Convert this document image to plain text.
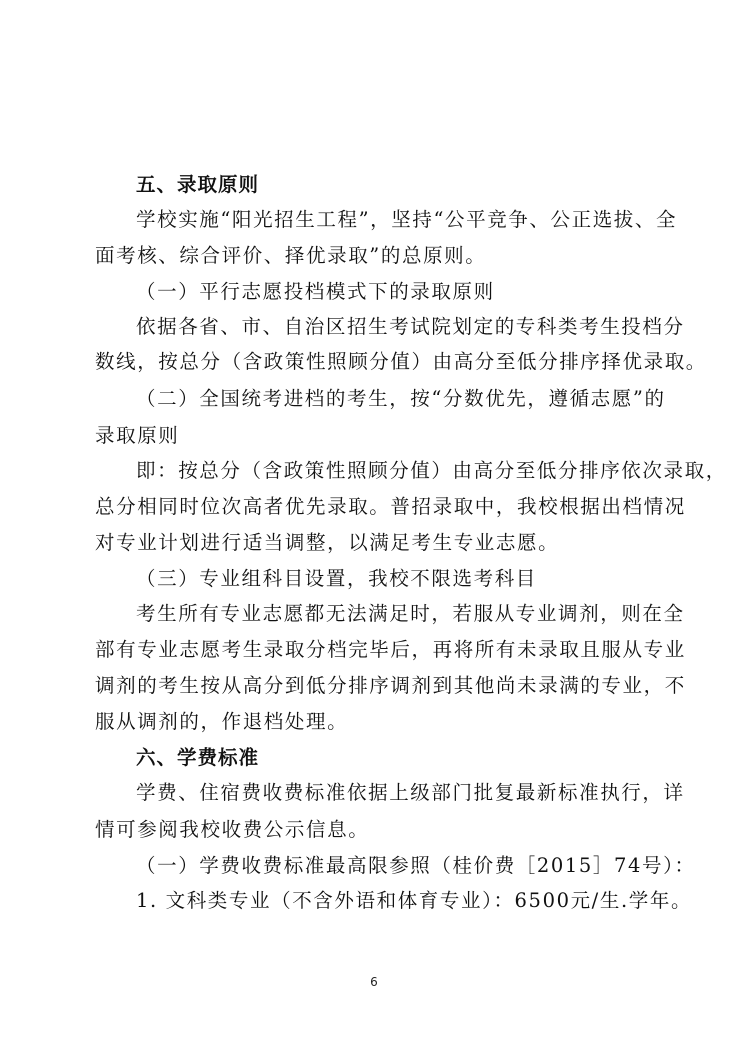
五、录取原则
学校实施“阳光招生工程”，坚持“公平竞争、公正选拔、全
面考核、综合评价、择优录取”的总原则。
（一）平行志愿投档模式下的录取原则
依据各省、市、自治区招生考试院划定的专科类考生投档分
数线，按总分（含政策性照顾分值）由高分至低分排序择优录取。
（二）全国统考进档的考生，按“分数优先，遵循志愿”的
录取原则
即：按总分（含政策性照顾分值）由高分至低分排序依次录取，
总分相同时位次高者优先录取。普招录取中，我校根据出档情况
对专业计划进行适当调整，以满足考生专业志愿。
（三）专业组科目设置，我校不限选考科目
考生所有专业志愿都无法满足时，若服从专业调剂，则在全
部有专业志愿考生录取分档完毕后，再将所有未录取且服从专业
调剂的考生按从高分到低分排序调剂到其他尚未录满的专业，不
服从调剂的，作退档处理。
六、学费标准
学费、住宿费收费标准依据上级部门批复最新标准执行，详
情可参阅我校收费公示信息。
（一）学费收费标准最高限参照（桂价费［2015］74号）：
1. 文科类专业（不含外语和体育专业）：6500元/生.学年。
6
